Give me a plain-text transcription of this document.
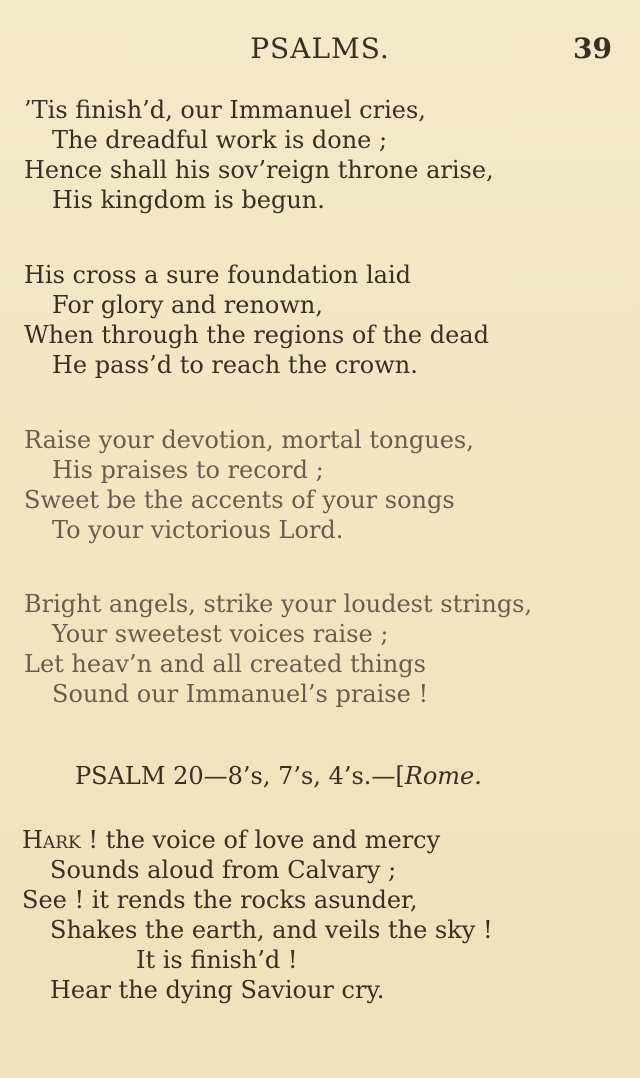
PSALMS.	39
’Tis finish’d, our Immanuel cries,
The dreadful work is done ;
Hence shall his sov’reign throne arise,
His kingdom is begun.
His cross a sure foundation laid
For glory and renown,
When through the regions of the dead
He pass’d to reach the crown.
Raise your devotion, mortal tongues,
His praises to record ;
Sweet be the accents of your songs
To your victorious Lord.
Bright angels, strike your loudest strings,
Your sweetest voices raise ;
Let heav’n and all created things
Sound our Immanuel’s praise !
PSALM 20—8’s, 7’s, 4’s.—[Rome.
Hark ! the voice of love and mercy
Sounds aloud from Calvary ;
See ! it rends the rocks asunder,
Shakes the earth, and veils the sky !
It is finish’d !
Hear the dying Saviour cry.
